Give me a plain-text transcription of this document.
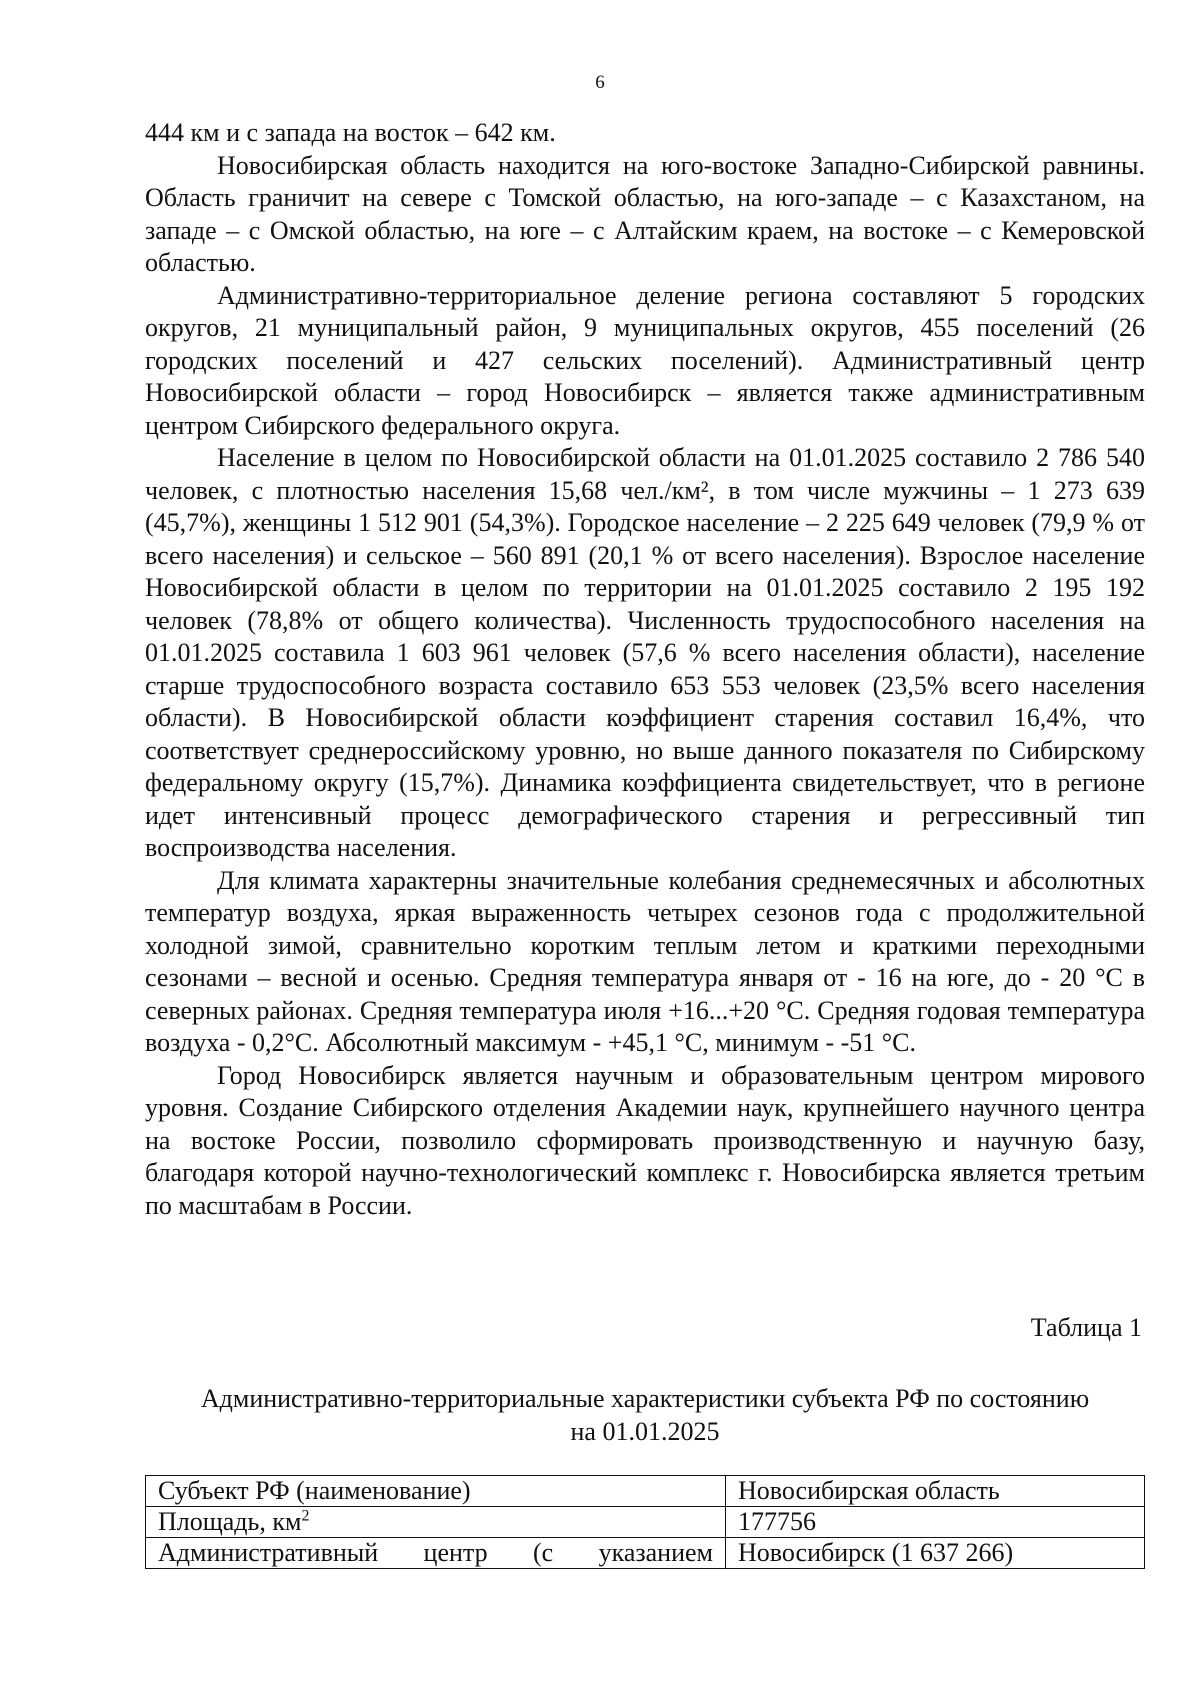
6

444 км и с запада на восток – 642 км.

Новосибирская область находится на юго-востоке Западно-Сибирской равнины. Область граничит на севере с Томской областью, на юго-западе – с Казахстаном, на западе – с Омской областью, на юге – с Алтайским краем, на востоке – с Кемеровской областью.

Административно-территориальное деление региона составляют 5 городских округов, 21 муниципальный район, 9 муниципальных округов, 455 поселений (26 городских поселений и 427 сельских поселений). Административный центр Новосибирской области – город Новосибирск – является также административным центром Сибирского федерального округа.

Население в целом по Новосибирской области на 01.01.2025 составило 2 786 540 человек, с плотностью населения 15,68 чел./км², в том числе мужчины – 1 273 639 (45,7%), женщины 1 512 901 (54,3%). Городское население – 2 225 649 человек (79,9 % от всего населения) и сельское – 560 891 (20,1 % от всего населения). Взрослое население Новосибирской области в целом по территории на 01.01.2025 составило 2 195 192 человек (78,8% от общего количества). Численность трудоспособного населения на 01.01.2025 составила 1 603 961 человек (57,6 % всего населения области), население старше трудоспособного возраста составило 653 553 человек (23,5% всего населения области). В Новосибирской области коэффициент старения составил 16,4%, что соответствует среднероссийскому уровню, но выше данного показателя по Сибирскому федеральному округу (15,7%). Динамика коэффициента свидетельствует, что в регионе идет интенсивный процесс демографического старения и регрессивный тип воспроизводства населения.

Для климата характерны значительные колебания среднемесячных и абсолютных температур воздуха, яркая выраженность четырех сезонов года с продолжительной холодной зимой, сравнительно коротким теплым летом и краткими переходными сезонами – весной и осенью. Средняя температура января от - 16 на юге, до - 20 °С в северных районах. Средняя температура июля +16...+20 °С. Средняя годовая температура воздуха - 0,2°С. Абсолютный максимум - +45,1 °С, минимум - -51 °С.

Город Новосибирск является научным и образовательным центром мирового уровня. Создание Сибирского отделения Академии наук, крупнейшего научного центра на востоке России, позволило сформировать производственную и научную базу, благодаря которой научно-технологический комплекс г. Новосибирска является третьим по масштабам в России.

Таблица 1
Административно-территориальные характеристики субъекта РФ по состоянию
на 01.01.2025
Субъект РФ (наименование)	Новосибирская область
Площадь, $км^2$	177756
Административный центр (с указанием	Новосибирск (1 637 266)
